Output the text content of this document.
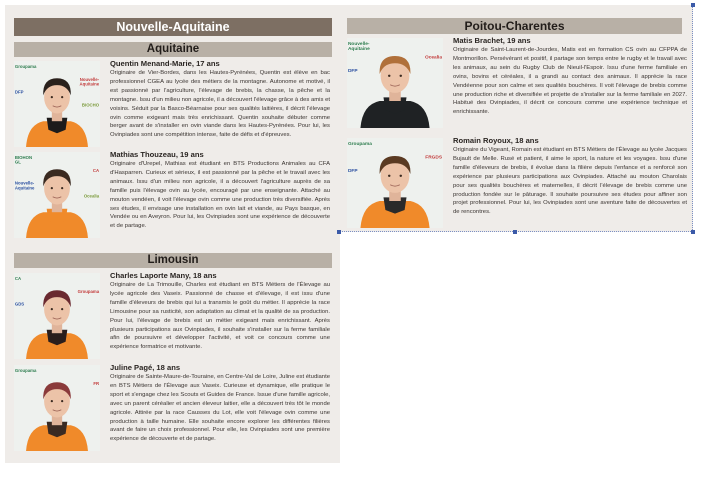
Nouvelle-Aquitaine
Aquitaine
Groupama
Nouvelle-Aquitaine
DFP
BIOCHO
Quentin Menand-Marie, 17 ans
Originaire de Vier-Bordes, dans les Hautes-Pyrénées, Quentin est élève en bac professionnel CGEA au lycée des métiers de la montagne. Autonome et motivé, il est passionné par l'agriculture, l'élevage de brebis, la chasse, la pêche et la montagne. Issu d'un milieu non agricole, il a découvert l'élevage grâce à des amis et voisins. Séduit par la Basco-Béarnaise pour ses qualités laitières, il décrit l'élevage ovin comme exigeant mais très enrichissant. Quentin souhaite débuter comme berger avant de s'installer en ovin viande dans les Hautes-Pyrénées. Pour lui, les Ovinpiades sont une compétition intense, faite de défis et d'épreuves.
BIOHON GL
CA
Nouvelle-Aquitaine
Ocealia
Mathias Thouzeau, 19 ans
Originaire d'Urepel, Mathias est étudiant en BTS Productions Animales au CFA d'Hasparren. Curieux et sérieux, il est passionné par la pêche et le travail avec les animaux. Issu d'un milieu non agricole, il a découvert l'agriculture auprès de sa famille puis l'élevage ovin au lycée, encouragé par une enseignante. Attaché au mouton vendéen, il voit l'élevage ovin comme une production très diversifiée. Après ses études, il envisage une installation en ovin lait et viande, au Pays basque, en Vendée ou en Aveyron. Pour lui, les Ovinpiades sont une expérience de découverte et de partage.
Limousin
CA
Groupama
GDS
Charles Laporte Many, 18 ans
Originaire de La Trimouille, Charles est étudiant en BTS Métiers de l'Élevage au lycée agricole des Vaseix. Passionné de chasse et d'élevage, il est issu d'une famille d'éleveurs de brebis qui lui a transmis le goût du métier. Il apprécie la race Limousine pour sa rusticité, son adaptation au climat et la qualité de sa production. Pour lui, l'élevage de brebis est un métier exigeant mais enrichissant. Après plusieurs participations aux Ovinpiades, il souhaite s'installer sur la ferme familiale afin de poursuivre et développer l'activité, et voit ce concours comme une expérience formatrice et motivante.
Groupama
FR
Juline Pagé, 18 ans
Originaire de Sainte-Maure-de-Touraine, en Centre-Val de Loire, Juline est étudiante en BTS Métiers de l'Élevage aux Vaseix. Curieuse et dynamique, elle pratique le sport et s'engage chez les Scouts et Guides de France. Issue d'une famille agricole, avec un parent céréalier et ancien éleveur laitier, elle a découvert très tôt le monde agricole. Attirée par la race Causses du Lot, elle voit l'élevage ovin comme une production à taille humaine. Elle souhaite encore explorer les différentes filières avant de faire un choix professionnel. Pour elle, les Ovinpiades sont une première expérience de découverte et de partage.
Poitou-Charentes
Nouvelle-Aquitaine
Ocealia
DFP
Matis Brachet, 19 ans
Originaire de Saint-Laurent-de-Jourdes, Matis est en formation CS ovin au CFPPA de Montmorillon. Persévérant et positif, il partage son temps entre le rugby et le travail avec les animaux, au sein du Rugby Club de Nieuil-l'Espoir. Issu d'une ferme familiale en ovins, bovins et céréales, il a grandi au contact des animaux. Il apprécie la race Vendéenne pour son calme et ses qualités bouchères. Il voit l'élevage de brebis comme une production riche et diversifiée et projette de s'installer sur la ferme familiale en 2027. Habitué des Ovinpiades, il décrit ce concours comme une expérience technique et enrichissante.
Groupama
FRGDS
DFP
Romain Royoux, 18 ans
Originaire du Vigeant, Romain est étudiant en BTS Métiers de l'Élevage au lycée Jacques Bujault de Melle. Rusé et patient, il aime le sport, la nature et les voyages. Issu d'une famille d'éleveurs de brebis, il évolue dans la filière depuis l'enfance et a renforcé son expérience par plusieurs participations aux Ovinpiades. Attaché au mouton Charolais pour ses qualités bouchères et maternelles, il décrit l'élevage de brebis comme une production fondée sur le pâturage. Il souhaite poursuivre ses études pour affiner son projet professionnel. Pour lui, les Ovinpiades sont une aventure faite de découvertes et de rencontres.
